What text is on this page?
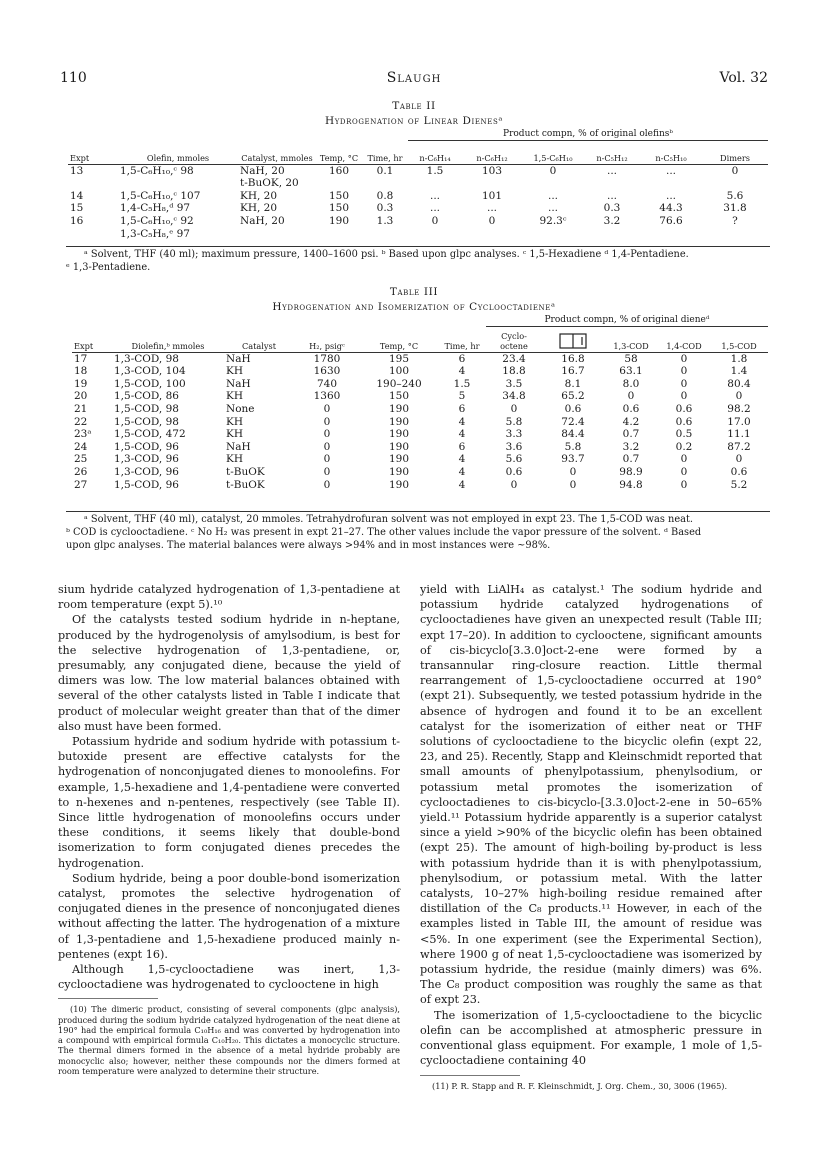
110	Slaugh	Vol. 32
Table II
Hydrogenation of Linear Dienesᵃ
					Product compn, % of original olefinsᵇ					
Expt	Olefin, mmoles	Catalyst, mmoles	Temp, °C	Time, hr	n-C₆H₁₄	n-C₆H₁₂	1,5-C₆H₁₀	n-C₅H₁₂	n-C₅H₁₀	Dimers
13	1,5-C₆H₁₀,ᶜ 98	NaH, 20	160	0.1	1.5	103	0	...	...	0
		t-BuOK, 20								
14	1,5-C₆H₁₀,ᶜ 107	KH, 20	150	0.8	...	101	...	...	...	5.6
15	1,4-C₅H₈,ᵈ 97	KH, 20	150	0.3	...	...	...	0.3	44.3	31.8
16	1,5-C₆H₁₀,ᶜ 92	NaH, 20	190	1.3	0	0	92.3ᶜ	3.2	76.6	?
	1,3-C₅H₈,ᵉ 97									
ᵃ Solvent, THF (40 ml); maximum pressure, 1400–1600 psi. ᵇ Based upon glpc analyses. ᶜ 1,5-Hexadiene ᵈ 1,4-Pentadiene.
ᵉ 1,3-Pentadiene.
Table III
Hydrogenation and Isomerization of Cyclooctadieneᵃ
						Product compn, % of original dieneᵈ				
Expt	Diolefin,ᵇ mmoles	Catalyst	H₂, psigᶜ	Temp, °C	Time, hr	Cyclo- octene		1,3-COD	1,4-COD	1,5-COD
17	1,3-COD, 98	NaH	1780	195	6	23.4	16.8	58	0	1.8
18	1,3-COD, 104	KH	1630	100	4	18.8	16.7	63.1	0	1.4
19	1,5-COD, 100	NaH	740	190–240	1.5	3.5	8.1	8.0	0	80.4
20	1,5-COD, 86	KH	1360	150	5	34.8	65.2	0	0	0
21	1,5-COD, 98	None	0	190	6	0	0.6	0.6	0.6	98.2
22	1,5-COD, 98	KH	0	190	4	5.8	72.4	4.2	0.6	17.0
23ᵃ	1,5-COD, 472	KH	0	190	4	3.3	84.4	0.7	0.5	11.1
24	1,5-COD, 96	NaH	0	190	6	3.6	5.8	3.2	0.2	87.2
25	1,3-COD, 96	KH	0	190	4	5.6	93.7	0.7	0	0
26	1,3-COD, 96	t-BuOK	0	190	4	0.6	0	98.9	0	0.6
27	1,5-COD, 96	t-BuOK	0	190	4	0	0	94.8	0	5.2
ᵃ Solvent, THF (40 ml), catalyst, 20 mmoles. Tetrahydrofuran solvent was not employed in expt 23. The 1,5-COD was neat.
ᵇ COD is cyclooctadiene. ᶜ No H₂ was present in expt 21–27. The other values include the vapor pressure of the solvent. ᵈ Based
upon glpc analyses. The material balances were always >94% and in most instances were ~98%.

sium hydride catalyzed hydrogenation of 1,3-pentadiene at room temperature (expt 5).¹⁰

Of the catalysts tested sodium hydride in n-heptane, produced by the hydrogenolysis of amylsodium, is best for the selective hydrogenation of 1,3-pentadiene, or, presumably, any conjugated diene, because the yield of dimers was low. The low material balances obtained with several of the other catalysts listed in Table I indicate that product of molecular weight greater than that of the dimer also must have been formed.

Potassium hydride and sodium hydride with potassium t-butoxide present are effective catalysts for the hydrogenation of nonconjugated dienes to monoolefins. For example, 1,5-hexadiene and 1,4-pentadiene were converted to n-hexenes and n-pentenes, respectively (see Table II). Since little hydrogenation of monoolefins occurs under these conditions, it seems likely that double-bond isomerization to form conjugated dienes precedes the hydrogenation.

Sodium hydride, being a poor double-bond isomerization catalyst, promotes the selective hydrogenation of conjugated dienes in the presence of nonconjugated dienes without affecting the latter. The hydrogenation of a mixture of 1,3-pentadiene and 1,5-hexadiene produced mainly n-pentenes (expt 16).

Although 1,5-cyclooctadiene was inert, 1,3-cyclooctadiene was hydrogenated to cyclooctene in high

(10) The dimeric product, consisting of several components (glpc analysis), produced during the sodium hydride catalyzed hydrogenation of the neat diene at 190° had the empirical formula C₁₀H₁₆ and was converted by hydrogenation into a compound with empirical formula C₁₀H₂₀. This dictates a monocyclic structure. The thermal dimers formed in the absence of a metal hydride probably are monocyclic also; however, neither these compounds nor the dimers formed at room temperature were analyzed to determine their structure.

yield with LiAlH₄ as catalyst.¹ The sodium hydride and potassium hydride catalyzed hydrogenations of cyclooctadienes have given an unexpected result (Table III; expt 17–20). In addition to cyclooctene, significant amounts of cis-bicyclo[3.3.0]oct-2-ene were formed by a transannular ring-closure reaction. Little thermal rearrangement of 1,5-cyclooctadiene occurred at 190° (expt 21). Subsequently, we tested potassium hydride in the absence of hydrogen and found it to be an excellent catalyst for the isomerization of either neat or THF solutions of cyclooctadiene to the bicyclic olefin (expt 22, 23, and 25). Recently, Stapp and Kleinschmidt reported that small amounts of phenylpotassium, phenylsodium, or potassium metal promotes the isomerization of cyclooctadienes to cis-bicyclo-[3.3.0]oct-2-ene in 50–65% yield.¹¹ Potassium hydride apparently is a superior catalyst since a yield >90% of the bicyclic olefin has been obtained (expt 25). The amount of high-boiling by-product is less with potassium hydride than it is with phenylpotassium, phenylsodium, or potassium metal. With the latter catalysts, 10–27% high-boiling residue remained after distillation of the C₈ products.¹¹ However, in each of the examples listed in Table III, the amount of residue was <5%. In one experiment (see the Experimental Section), where 1900 g of neat 1,5-cyclooctadiene was isomerized by potassium hydride, the residue (mainly dimers) was 6%. The C₈ product composition was roughly the same as that of expt 23.

The isomerization of 1,5-cyclooctadiene to the bicyclic olefin can be accomplished at atmospheric pressure in conventional glass equipment. For example, 1 mole of 1,5-cyclooctadiene containing 40

(11) P. R. Stapp and R. F. Kleinschmidt, J. Org. Chem., 30, 3006 (1965).
